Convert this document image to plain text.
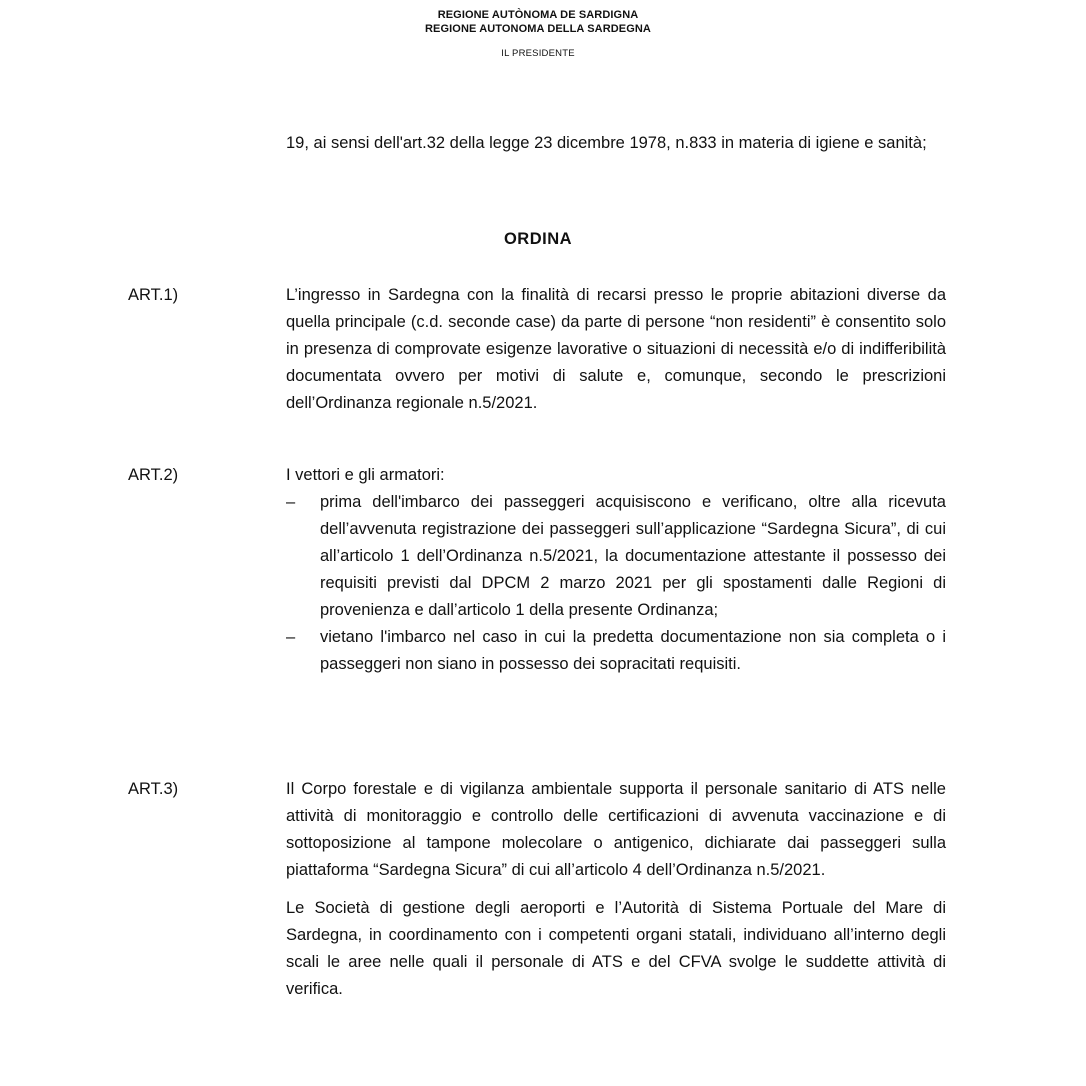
REGIONE AUTÒNOMA DE SARDIGNA
REGIONE AUTONOMA DELLA SARDEGNA
IL PRESIDENTE
19, ai sensi dell'art.32 della legge 23 dicembre 1978, n.833 in materia di igiene e sanità;
ORDINA
ART.1)	L’ingresso in Sardegna con la finalità di recarsi presso le proprie abitazioni diverse da quella principale (c.d. seconde case) da parte di persone “non residenti” è consentito solo in presenza di comprovate esigenze lavorative o situazioni di necessità e/o di indifferibilità documentata ovvero per motivi di salute e, comunque, secondo le prescrizioni dell’Ordinanza regionale n.5/2021.
ART.2)	I vettori e gli armatori:
– prima dell'imbarco dei passeggeri acquisiscono e verificano, oltre alla ricevuta dell’avvenuta registrazione dei passeggeri sull’applicazione “Sardegna Sicura”, di cui all’articolo 1 dell’Ordinanza n.5/2021, la documentazione attestante il possesso dei requisiti previsti dal DPCM 2 marzo 2021 per gli spostamenti dalle Regioni di provenienza e dall’articolo 1 della presente Ordinanza;
– vietano l'imbarco nel caso in cui la predetta documentazione non sia completa o i passeggeri non siano in possesso dei sopracitati requisiti.
ART.3)	Il Corpo forestale e di vigilanza ambientale supporta il personale sanitario di ATS nelle attività di monitoraggio e controllo delle certificazioni di avvenuta vaccinazione e di sottoposizione al tampone molecolare o antigenico, dichiarate dai passeggeri sulla piattaforma “Sardegna Sicura” di cui all’articolo 4 dell’Ordinanza n.5/2021.
Le Società di gestione degli aeroporti e l’Autorità di Sistema Portuale del Mare di Sardegna, in coordinamento con i competenti organi statali, individuano all’interno degli scali le aree nelle quali il personale di ATS e del CFVA svolge le suddette attività di verifica.
